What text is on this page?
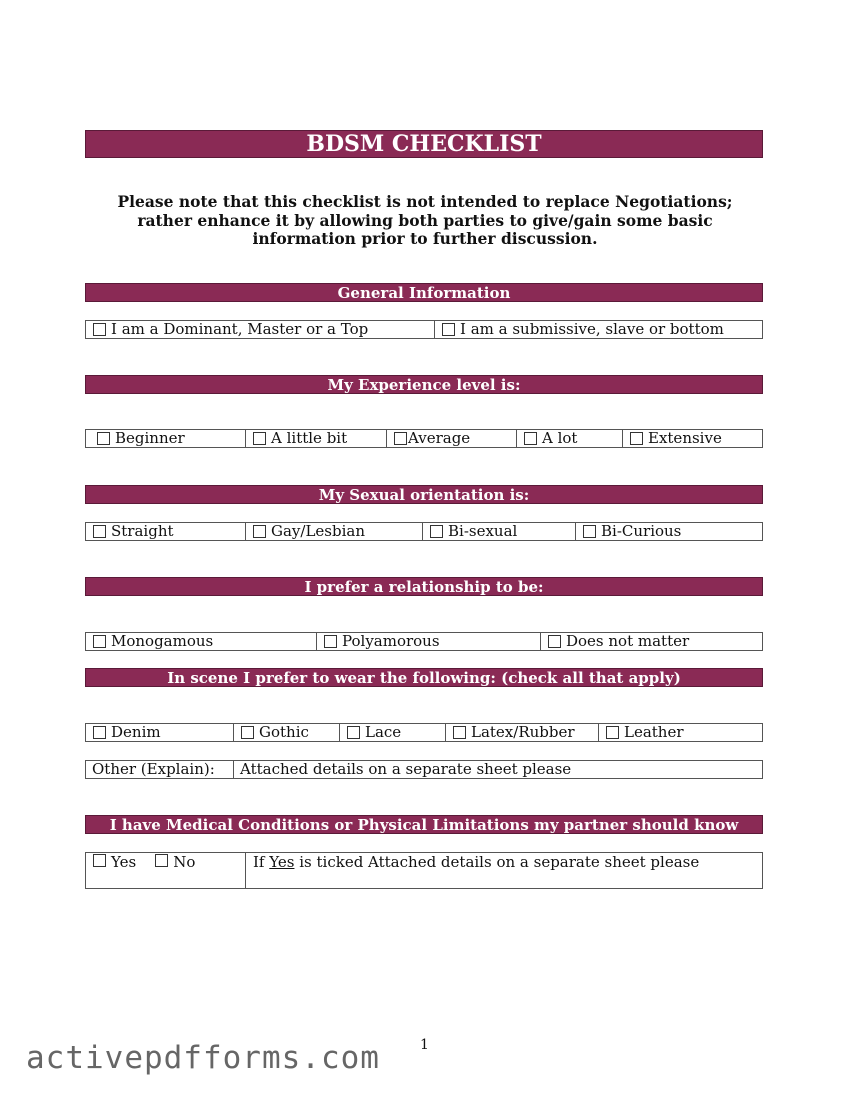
BDSM CHECKLIST
Please note that this checklist is not intended to replace Negotiations; rather enhance it by allowing both parties to give/gain some basic information prior to further discussion.
General Information
I am a Dominant, Master or a Top	I am a submissive, slave or bottom
My Experience level is:
Beginner	A little bit	Average	A lot	Extensive
My Sexual orientation is:
Straight	Gay/Lesbian	Bi-sexual	Bi-Curious
I prefer a relationship to be:
Monogamous	Polyamorous	Does not matter
In scene I prefer to wear the following: (check all that apply)
Denim	Gothic	Lace	Latex/Rubber	Leather
Other (Explain):	Attached details on a separate sheet please
I have Medical Conditions or Physical Limitations my partner should know about
Yes No	If
Yes
is ticked Attached details on a separate sheet please
activepdfforms.com	1
